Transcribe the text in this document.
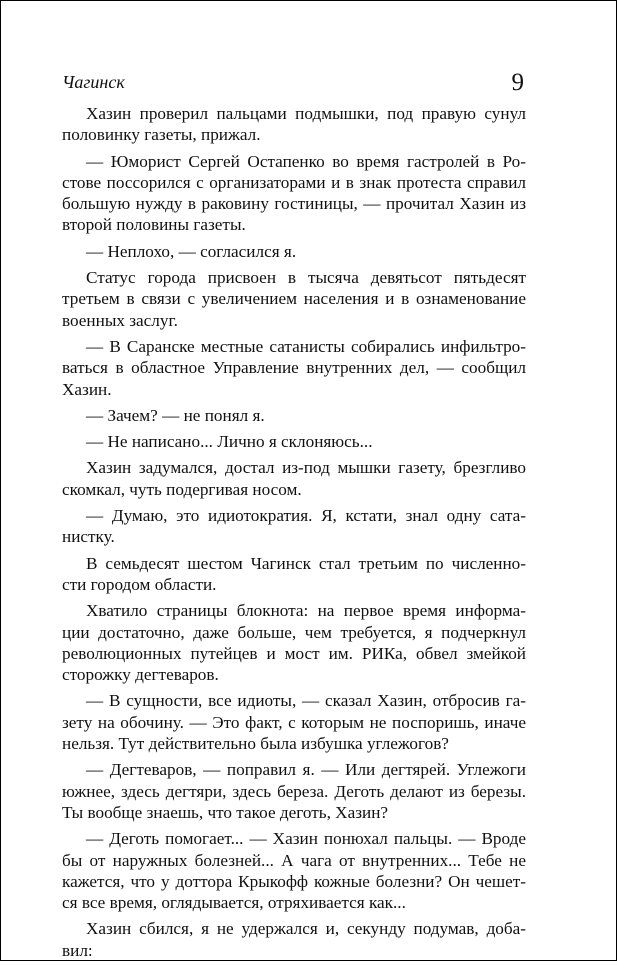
Чагинск	9
Хазин проверил пальцами подмышки, под правую сунул
половинку газеты, прижал.
— Юморист Сергей Остапенко во время гастролей в Ро-
стове поссорился с организаторами и в знак протеста справил
большую нужду в раковину гостиницы, — прочитал Хазин из
второй половины газеты.
— Неплохо, — согласился я.
Статус города присвоен в тысяча девятьсот пятьдесят
третьем в связи с увеличением населения и в ознаменование
военных заслуг.
— В Саранске местные сатанисты собирались инфильтро-
ваться в областное Управление внутренних дел, — сообщил
Хазин.
— Зачем? — не понял я.
— Не написано... Лично я склоняюсь...
Хазин задумался, достал из-под мышки газету, брезгливо
скомкал, чуть подергивая носом.
— Думаю, это идиотократия. Я, кстати, знал одну сата-
нистку.
В семьдесят шестом Чагинск стал третьим по численно-
сти городом области.
Хватило страницы блокнота: на первое время информа-
ции достаточно, даже больше, чем требуется, я подчеркнул
революционных путейцев и мост им. РИКа, обвел змейкой
сторожку дегтеваров.
— В сущности, все идиоты, — сказал Хазин, отбросив га-
зету на обочину. — Это факт, с которым не поспоришь, иначе
нельзя. Тут действительно была избушка углежогов?
— Дегтеваров, — поправил я. — Или дегтярей. Углежоги
южнее, здесь дегтяри, здесь береза. Деготь делают из березы.
Ты вообще знаешь, что такое деготь, Хазин?
— Деготь помогает... — Хазин понюхал пальцы. — Вроде
бы от наружных болезней... А чага от внутренних... Тебе не
кажется, что у доттора Крыкофф кожные болезни? Он чешет-
ся все время, оглядывается, отряхивается как...
Хазин сбился, я не удержался и, секунду подумав, доба-
вил:
